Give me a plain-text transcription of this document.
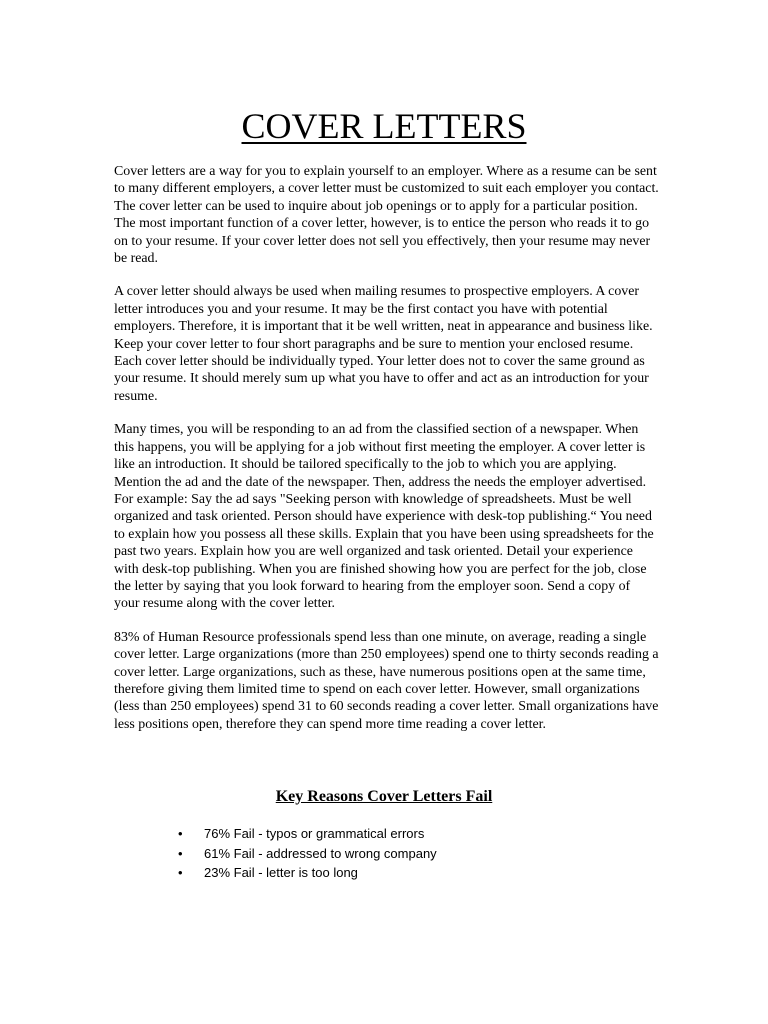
COVER LETTERS

Cover letters are a way for you to explain yourself to an employer. Where as a resume can be sent to many different employers, a cover letter must be customized to suit each employer you contact. The cover letter can be used to inquire about job openings or to apply for a particular position. The most important function of a cover letter, however, is to entice the person who reads it to go on to your resume. If your cover letter does not sell you effectively, then your resume may never be read.

A cover letter should always be used when mailing resumes to prospective employers. A cover letter introduces you and your resume. It may be the first contact you have with potential employers. Therefore, it is important that it be well written, neat in appearance and business like. Keep your cover letter to four short paragraphs and be sure to mention your enclosed resume. Each cover letter should be individually typed. Your letter does not to cover the same ground as your resume. It should merely sum up what you have to offer and act as an introduction for your resume.

Many times, you will be responding to an ad from the classified section of a newspaper. When this happens, you will be applying for a job without first meeting the employer. A cover letter is like an introduction. It should be tailored specifically to the job to which you are applying. Mention the ad and the date of the newspaper. Then, address the needs the employer advertised. For example: Say the ad says "Seeking person with knowledge of spreadsheets. Must be well organized and task oriented. Person should have experience with desk-top publishing.“ You need to explain how you possess all these skills. Explain that you have been using spreadsheets for the past two years. Explain how you are well organized and task oriented. Detail your experience with desk-top publishing. When you are finished showing how you are perfect for the job, close the letter by saying that you look forward to hearing from the employer soon. Send a copy of your resume along with the cover letter.

83% of Human Resource professionals spend less than one minute, on average, reading a single cover letter. Large organizations (more than 250 employees) spend one to thirty seconds reading a cover letter. Large organizations, such as these, have numerous positions open at the same time, therefore giving them limited time to spend on each cover letter. However, small organizations (less than 250 employees) spend 31 to 60 seconds reading a cover letter. Small organizations have less positions open, therefore they can spend more time reading a cover letter.

Key Reasons Cover Letters Fail
• 76% Fail - typos or grammatical errors
• 61% Fail - addressed to wrong company
• 23% Fail - letter is too long
